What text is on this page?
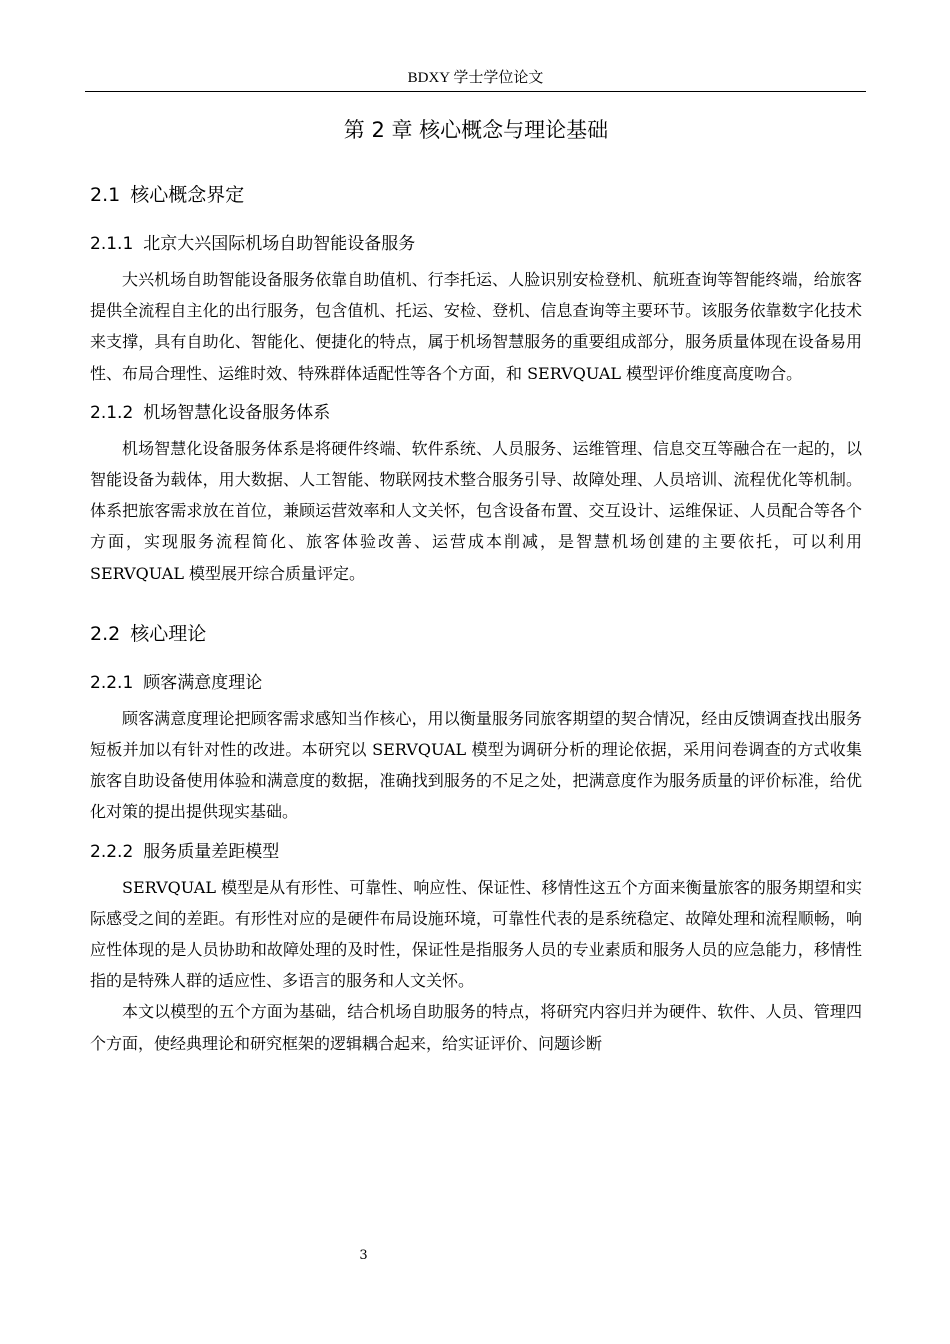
BDXY 学士学位论文
第 2 章 核心概念与理论基础
2.1 核心概念界定
2.1.1 北京大兴国际机场自助智能设备服务

大兴机场自助智能设备服务依靠自助值机、行李托运、人脸识别安检登机、航班查询等智能终端，给旅客提供全流程自主化的出行服务，包含值机、托运、安检、登机、信息查询等主要环节。该服务依靠数字化技术来支撑，具有自助化、智能化、便捷化的特点，属于机场智慧服务的重要组成部分，服务质量体现在设备易用性、布局合理性、运维时效、特殊群体适配性等各个方面，和 SERVQUAL 模型评价维度高度吻合。

2.1.2 机场智慧化设备服务体系

机场智慧化设备服务体系是将硬件终端、软件系统、人员服务、运维管理、信息交互等融合在一起的，以智能设备为载体，用大数据、人工智能、物联网技术整合服务引导、故障处理、人员培训、流程优化等机制。体系把旅客需求放在首位，兼顾运营效率和人文关怀，包含设备布置、交互设计、运维保证、人员配合等各个方面，实现服务流程简化、旅客体验改善、运营成本削减，是智慧机场创建的主要依托，可以利用 SERVQUAL 模型展开综合质量评定。

2.2 核心理论
2.2.1 顾客满意度理论

顾客满意度理论把顾客需求感知当作核心，用以衡量服务同旅客期望的契合情况，经由反馈调查找出服务短板并加以有针对性的改进。本研究以 SERVQUAL 模型为调研分析的理论依据，采用问卷调查的方式收集旅客自助设备使用体验和满意度的数据，准确找到服务的不足之处，把满意度作为服务质量的评价标准，给优化对策的提出提供现实基础。

2.2.2 服务质量差距模型

SERVQUAL 模型是从有形性、可靠性、响应性、保证性、移情性这五个方面来衡量旅客的服务期望和实际感受之间的差距。有形性对应的是硬件布局设施环境，可靠性代表的是系统稳定、故障处理和流程顺畅，响应性体现的是人员协助和故障处理的及时性，保证性是指服务人员的专业素质和服务人员的应急能力，移情性指的是特殊人群的适应性、多语言的服务和人文关怀。

本文以模型的五个方面为基础，结合机场自助服务的特点，将研究内容归并为硬件、软件、人员、管理四个方面，使经典理论和研究框架的逻辑耦合起来，给实证评价、问题诊断

3
